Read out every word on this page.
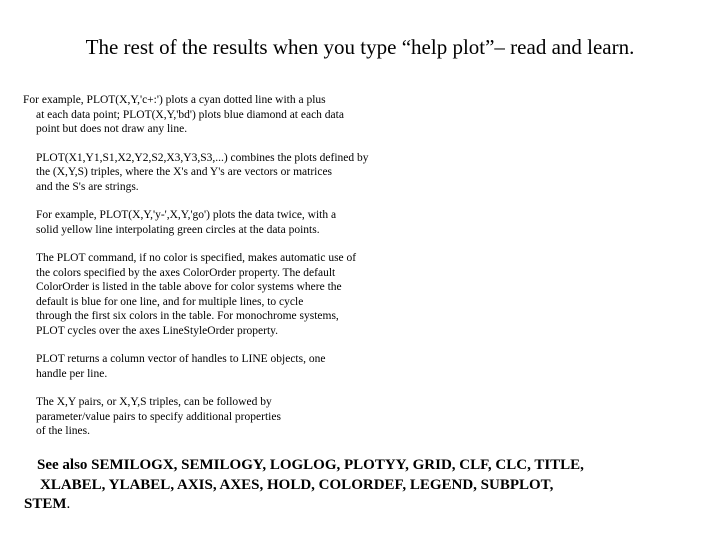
The rest of the results when you type “help plot”– read and learn.
For example, PLOT(X,Y,'c+:') plots a cyan dotted line with a plus
at each data point; PLOT(X,Y,'bd') plots blue diamond at each data
point but does not draw any line.
PLOT(X1,Y1,S1,X2,Y2,S2,X3,Y3,S3,...) combines the plots defined by
the (X,Y,S) triples, where the X's and Y's are vectors or matrices
and the S's are strings.
For example, PLOT(X,Y,'y-',X,Y,'go') plots the data twice, with a
solid yellow line interpolating green circles at the data points.
The PLOT command, if no color is specified, makes automatic use of
the colors specified by the axes ColorOrder property. The default
ColorOrder is listed in the table above for color systems where the
default is blue for one line, and for multiple lines, to cycle
through the first six colors in the table. For monochrome systems,
PLOT cycles over the axes LineStyleOrder property.
PLOT returns a column vector of handles to LINE objects, one
handle per line.
The X,Y pairs, or X,Y,S triples, can be followed by
parameter/value pairs to specify additional properties
of the lines.
See also SEMILOGX, SEMILOGY, LOGLOG, PLOTYY, GRID, CLF, CLC, TITLE,
XLABEL, YLABEL, AXIS, AXES, HOLD, COLORDEF, LEGEND, SUBPLOT,
STEM.
